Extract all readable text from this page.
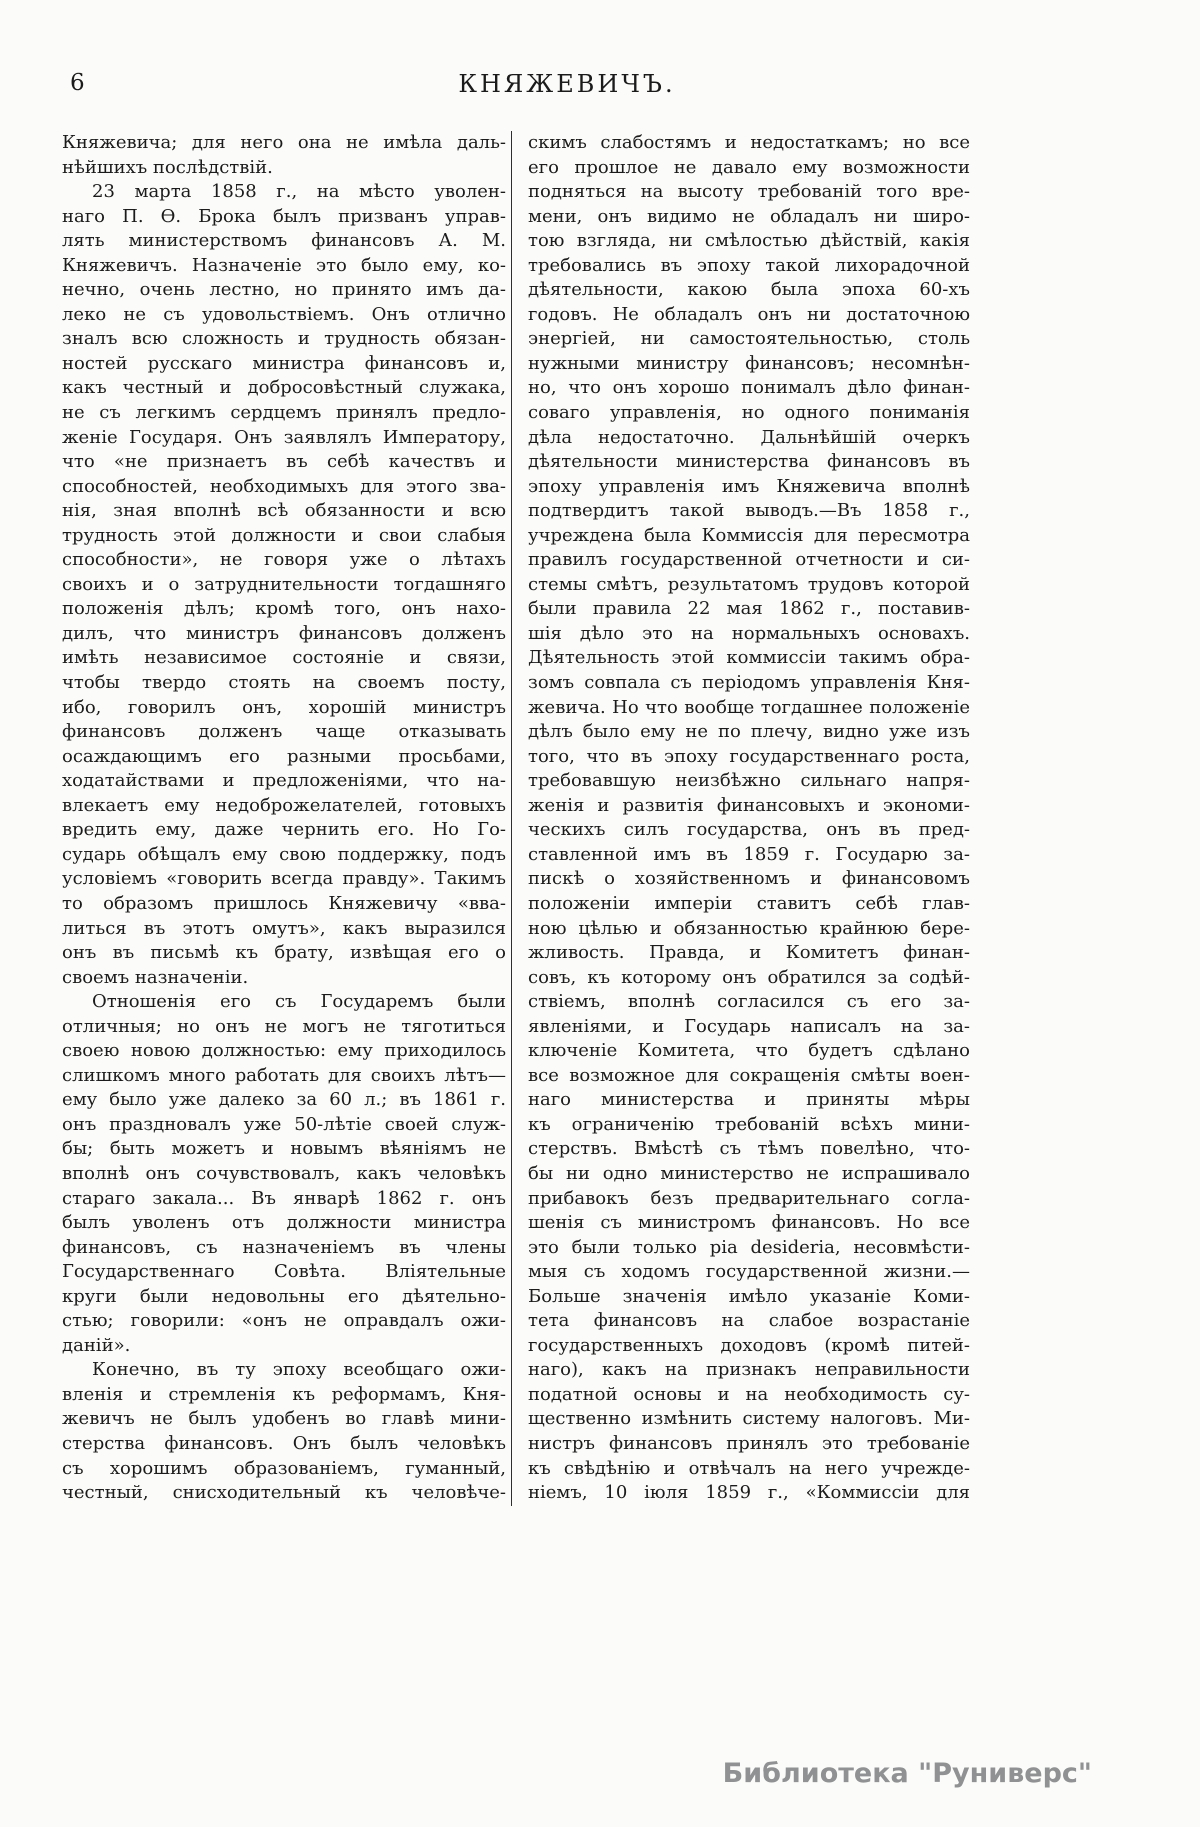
6	КНЯЖЕВИЧЪ.
Княжевича; для него она не имѣла даль-
нѣйшихъ послѣдствій.
23 марта 1858 г., на мѣсто уволен-
наго П. Ѳ. Брока былъ призванъ управ-
лять министерствомъ финансовъ А. М.
Княжевичъ. Назначеніе это было ему, ко-
нечно, очень лестно, но принято имъ да-
леко не съ удовольствіемъ. Онъ отлично
зналъ всю сложность и трудность обязан-
ностей русскаго министра финансовъ и,
какъ честный и добросовѣстный служака,
не съ легкимъ сердцемъ принялъ предло-
женіе Государя. Онъ заявлялъ Императору,
что «не признаетъ въ себѣ качествъ и
способностей, необходимыхъ для этого зва-
нія, зная вполнѣ всѣ обязанности и всю
трудность этой должности и свои слабыя
способности», не говоря уже о лѣтахъ
своихъ и о затруднительности тогдашняго
положенія дѣлъ; кромѣ того, онъ нахо-
дилъ, что министръ финансовъ долженъ
имѣть независимое состояніе и связи,
чтобы твердо стоять на своемъ посту,
ибо, говорилъ онъ, хорошій министръ
финансовъ долженъ чаще отказывать
осаждающимъ его разными просьбами,
ходатайствами и предложеніями, что на-
влекаетъ ему недоброжелателей, готовыхъ
вредить ему, даже чернить его. Но Го-
сударь обѣщалъ ему свою поддержку, подъ
условіемъ «говорить всегда правду». Такимъ
то образомъ пришлось Княжевичу «вва-
литься въ этотъ омутъ», какъ выразился
онъ въ письмѣ къ брату, извѣщая его о
своемъ назначеніи.
Отношенія его съ Государемъ были
отличныя; но онъ не могъ не тяготиться
своею новою должностью: ему приходилось
слишкомъ много работать для своихъ лѣтъ—
ему было уже далеко за 60 л.; въ 1861 г.
онъ праздновалъ уже 50-лѣтіе своей служ-
бы; быть можетъ и новымъ вѣяніямъ не
вполнѣ онъ сочувствовалъ, какъ человѣкъ
стараго закала... Въ январѣ 1862 г. онъ
былъ уволенъ отъ должности министра
финансовъ, съ назначеніемъ въ члены
Государственнаго Совѣта. Вліятельные
круги были недовольны его дѣятельно-
стью; говорили: «онъ не оправдалъ ожи-
даній».
Конечно, въ ту эпоху всеобщаго ожи-
вленія и стремленія къ реформамъ, Кня-
жевичъ не былъ удобенъ во главѣ мини-
стерства финансовъ. Онъ былъ человѣкъ
съ хорошимъ образованіемъ, гуманный,
честный, снисходительный къ человѣче-
скимъ слабостямъ и недостаткамъ; но все
его прошлое не давало ему возможности
подняться на высоту требованій того вре-
мени, онъ видимо не обладалъ ни широ-
тою взгляда, ни смѣлостью дѣйствій, какія
требовались въ эпоху такой лихорадочной
дѣятельности, какою была эпоха 60-хъ
годовъ. Не обладалъ онъ ни достаточною
энергіей, ни самостоятельностью, столь
нужными министру финансовъ; несомнѣн-
но, что онъ хорошо понималъ дѣло финан-
соваго управленія, но одного пониманія
дѣла недостаточно. Дальнѣйшій очеркъ
дѣятельности министерства финансовъ въ
эпоху управленія имъ Княжевича вполнѣ
подтвердитъ такой выводъ.—Въ 1858 г.,
учреждена была Коммиссія для пересмотра
правилъ государственной отчетности и си-
стемы смѣтъ, результатомъ трудовъ которой
были правила 22 мая 1862 г., поставив-
шія дѣло это на нормальныхъ основахъ.
Дѣятельность этой коммиссіи такимъ обра-
зомъ совпала съ періодомъ управленія Кня-
жевича. Но что вообще тогдашнее положеніе
дѣлъ было ему не по плечу, видно уже изъ
того, что въ эпоху государственнаго роста,
требовавшую неизбѣжно сильнаго напря-
женія и развитія финансовыхъ и экономи-
ческихъ силъ государства, онъ въ пред-
ставленной имъ въ 1859 г. Государю за-
пискѣ о хозяйственномъ и финансовомъ
положеніи имперіи ставитъ себѣ глав-
ною цѣлью и обязанностью крайнюю бере-
жливость. Правда, и Комитетъ финан-
совъ, къ которому онъ обратился за содѣй-
ствіемъ, вполнѣ согласился съ его за-
явленіями, и Государь написалъ на за-
ключеніе Комитета, что будетъ сдѣлано
все возможное для сокращенія смѣты воен-
наго министерства и приняты мѣры
къ ограниченію требованій всѣхъ мини-
стерствъ. Вмѣстѣ съ тѣмъ повелѣно, что-
бы ни одно министерство не испрашивало
прибавокъ безъ предварительнаго согла-
шенія съ министромъ финансовъ. Но все
это были только pia desideria, несовмѣсти-
мыя съ ходомъ государственной жизни.—
Больше значенія имѣло указаніе Коми-
тета финансовъ на слабое возрастаніе
государственныхъ доходовъ (кромѣ питей-
наго), какъ на признакъ неправильности
податной основы и на необходимость су-
щественно измѣнить систему налоговъ. Ми-
нистръ финансовъ принялъ это требованіе
къ свѣдѣнію и отвѣчалъ на него учрежде-
ніемъ, 10 іюля 1859 г., «Коммиссіи для
Библиотека "Руниверс"
